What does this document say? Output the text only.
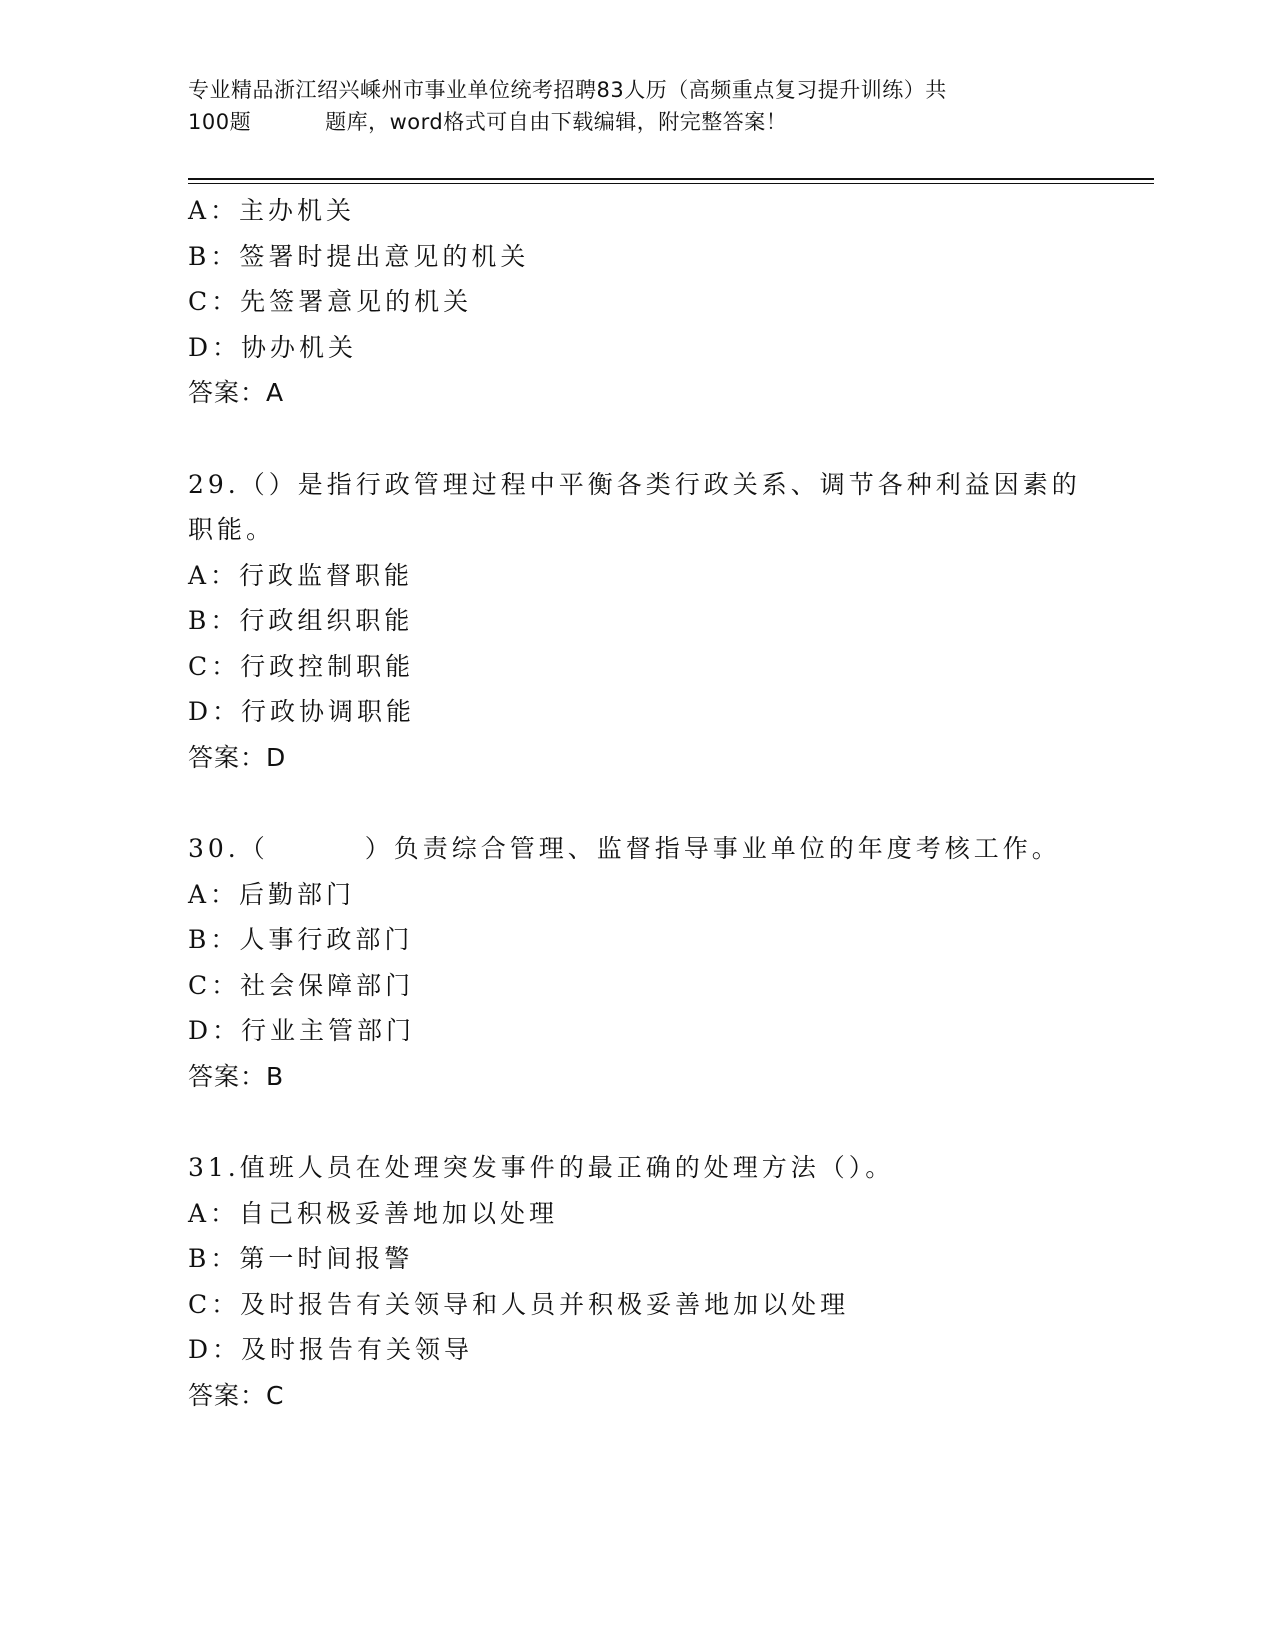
专业精品浙江绍兴嵊州市事业单位统考招聘83人历（高频重点复习提升训练）共
100题	题库，word格式可自由下载编辑，附完整答案！
A：主办机关
B：签署时提出意见的机关
C：先签署意见的机关
D：协办机关
答案：A
29.（）是指行政管理过程中平衡各类行政关系、调节各种利益因素的
职能。
A：行政监督职能
B：行政组织职能
C：行政控制职能
D：行政协调职能
答案：D
30.（	）负责综合管理、监督指导事业单位的年度考核工作。
A：后勤部门
B：人事行政部门
C：社会保障部门
D：行业主管部门
答案：B
31.值班人员在处理突发事件的最正确的处理方法（）。
A：自己积极妥善地加以处理
B：第一时间报警
C：及时报告有关领导和人员并积极妥善地加以处理
D：及时报告有关领导
答案：C
